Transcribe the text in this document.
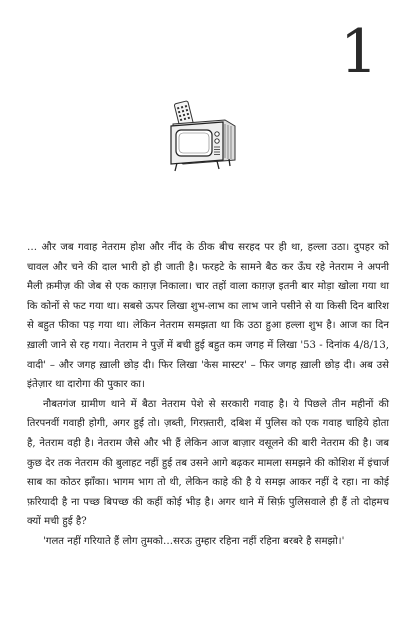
1

… और जब गवाह नेतराम होश और नींद के ठीक बीच सरहद पर ही था, हल्ला उठा। दुपहर को चावल और चने की दाल भारी हो ही जाती है। फरहटे के सामने बैठ कर ऊँघ रहे नेतराम ने अपनी मैली क़मीज़ की जेब से एक काग़ज़ निकाला। चार तहों वाला काग़ज़ इतनी बार मोड़ा खोला गया था कि कोनों से फट गया था। सबसे ऊपर लिखा शुभ-लाभ का लाभ जाने पसीने से या किसी दिन बारिश से बहुत फीका पड़ गया था। लेकिन नेतराम समझता था कि उठा हुआ हल्ला शुभ है। आज का दिन ख़ाली जाने से रह गया। नेतराम ने पुर्ज़े में बची हुई बहुत कम जगह में लिखा '53 - दिनांक 4/8/13, वादी' – और जगह ख़ाली छोड़ दी। फिर लिखा 'केस मास्टर' – फिर जगह ख़ाली छोड़ दी। अब उसे इंतेज़ार था दारोगा की पुकार का।

नौबतगंज ग्रामीण थाने में बैठा नेतराम पेशे से सरकारी गवाह है। ये पिछले तीन महीनों की तिरपनवीं गवाही होगी, अगर हुई तो। ज़ब्ती, गिरफ़्तारी, दबिश में पुलिस को एक गवाह चाहिये होता है, नेतराम वही है। नेतराम जैसे और भी हैं लेकिन आज बाज़ार वसूलने की बारी नेतराम की है। जब कुछ देर तक नेतराम की बुलाहट नहीं हुई तब उसने आगे बढ़कर मामला समझने की कोशिश में इंचार्ज साब का कोठर झाँका। भागम भाग तो थी, लेकिन काहे की है ये समझ आकर नहीं दे रहा। ना कोई फ़रियादी है ना पच्छ बिपच्छ की कहीं कोई भीड़ है। अगर थाने में सिर्फ़ पुलिसवाले ही हैं तो दोहमच क्यों मची हुई है?

'गलत नहीं गरियाते हैं लोग तुमको…सरऊ तुम्हार रहिना नहीं रहिना बरबरे है समझो।'
